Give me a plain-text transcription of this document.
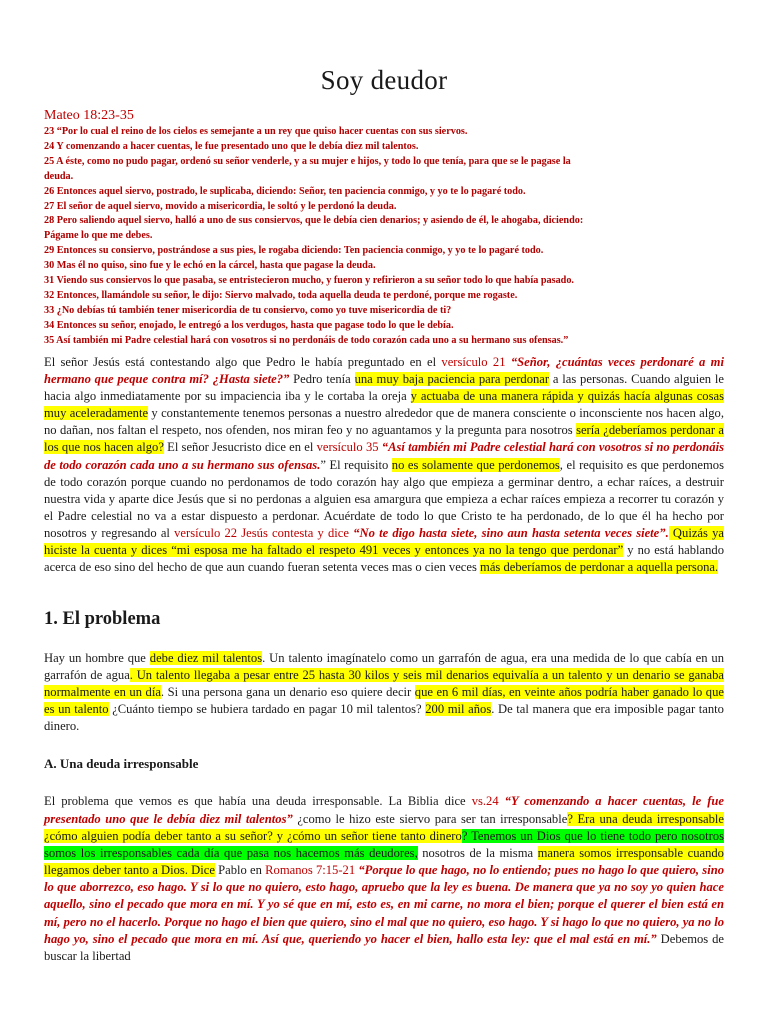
Soy deudor
Mateo 18:23-35
23 “Por lo cual el reino de los cielos es semejante a un rey que quiso hacer cuentas con sus siervos.
24 Y comenzando a hacer cuentas, le fue presentado uno que le debía diez mil talentos.
25 A éste, como no pudo pagar, ordenó su señor venderle, y a su mujer e hijos, y todo lo que tenía, para que se le pagase la
deuda.
26 Entonces aquel siervo, postrado, le suplicaba, diciendo: Señor, ten paciencia conmigo, y yo te lo pagaré todo.
27 El señor de aquel siervo, movido a misericordia, le soltó y le perdonó la deuda.
28 Pero saliendo aquel siervo, halló a uno de sus consiervos, que le debía cien denarios; y asiendo de él, le ahogaba, diciendo:
Págame lo que me debes.
29 Entonces su consiervo, postrándose a sus pies, le rogaba diciendo: Ten paciencia conmigo, y yo te lo pagaré todo.
30 Mas él no quiso, sino fue y le echó en la cárcel, hasta que pagase la deuda.
31 Viendo sus consiervos lo que pasaba, se entristecieron mucho, y fueron y refirieron a su señor todo lo que había pasado.
32 Entonces, llamándole su señor, le dijo: Siervo malvado, toda aquella deuda te perdoné, porque me rogaste.
33 ¿No debías tú también tener misericordia de tu consiervo, como yo tuve misericordia de ti?
34 Entonces su señor, enojado, le entregó a los verdugos, hasta que pagase todo lo que le debía.
35 Así también mi Padre celestial hará con vosotros si no perdonáis de todo corazón cada uno a su hermano sus ofensas.”
El señor Jesús está contestando algo que Pedro le había preguntado en el versículo 21 “Señor, ¿cuántas veces perdonaré a mi hermano que peque contra mí? ¿Hasta siete?” Pedro tenía una muy baja paciencia para perdonar a las personas. Cuando alguien le hacia algo inmediatamente por su impaciencia iba y le cortaba la oreja y actuaba de una manera rápida y quizás hacía algunas cosas muy aceleradamente y constantemente tenemos personas a nuestro alrededor que de manera consciente o inconsciente nos hacen algo, no dañan, nos faltan el respeto, nos ofenden, nos miran feo y no aguantamos y la pregunta para nosotros sería ¿deberíamos perdonar a los que nos hacen algo? El señor Jesucristo dice en el versículo 35 “Así también mi Padre celestial hará con vosotros si no perdonáis de todo corazón cada uno a su hermano sus ofensas.” El requisito no es solamente que perdonemos, el requisito es que perdonemos de todo corazón porque cuando no perdonamos de todo corazón hay algo que empieza a germinar dentro, a echar raíces, a destruir nuestra vida y aparte dice Jesús que si no perdonas a alguien esa amargura que empieza a echar raíces empieza a recorrer tu corazón y el Padre celestial no va a estar dispuesto a perdonar. Acuérdate de todo lo que Cristo te ha perdonado, de lo que él ha hecho por nosotros y regresando al versículo 22 Jesús contesta y dice “No te digo hasta siete, sino aun hasta setenta veces siete”. Quizás ya hiciste la cuenta y dices “mi esposa me ha faltado el respeto 491 veces y entonces ya no la tengo que perdonar” y no está hablando acerca de eso sino del hecho de que aun cuando fueran setenta veces mas o cien veces más deberíamos de perdonar a aquella persona.
1. El problema
Hay un hombre que debe diez mil talentos. Un talento imagínatelo como un garrafón de agua, era una medida de lo que cabía en un garrafón de agua. Un talento llegaba a pesar entre 25 hasta 30 kilos y seis mil denarios equivalía a un talento y un denario se ganaba normalmente en un día. Si una persona gana un denario eso quiere decir que en 6 mil días, en veinte años podría haber ganado lo que es un talento ¿Cuánto tiempo se hubiera tardado en pagar 10 mil talentos? 200 mil años. De tal manera que era imposible pagar tanto dinero.
A. Una deuda irresponsable
El problema que vemos es que había una deuda irresponsable. La Biblia dice vs.24 “Y comenzando a hacer cuentas, le fue presentado uno que le debía diez mil talentos” ¿como le hizo este siervo para ser tan irresponsable? Era una deuda irresponsable ¿cómo alguien podía deber tanto a su señor? y ¿cómo un señor tiene tanto dinero? Tenemos un Dios que lo tiene todo pero nosotros somos los irresponsables cada día que pasa nos hacemos más deudores, nosotros de la misma manera somos irresponsable cuando llegamos deber tanto a Dios. Dice Pablo en Romanos 7:15-21 “Porque lo que hago, no lo entiendo; pues no hago lo que quiero, sino lo que aborrezco, eso hago. Y si lo que no quiero, esto hago, apruebo que la ley es buena. De manera que ya no soy yo quien hace aquello, sino el pecado que mora en mí. Y yo sé que en mí, esto es, en mi carne, no mora el bien; porque el querer el bien está en mí, pero no el hacerlo. Porque no hago el bien que quiero, sino el mal que no quiero, eso hago. Y si hago lo que no quiero, ya no lo hago yo, sino el pecado que mora en mí. Así que, queriendo yo hacer el bien, hallo esta ley: que el mal está en mí.” Debemos de buscar la libertad
